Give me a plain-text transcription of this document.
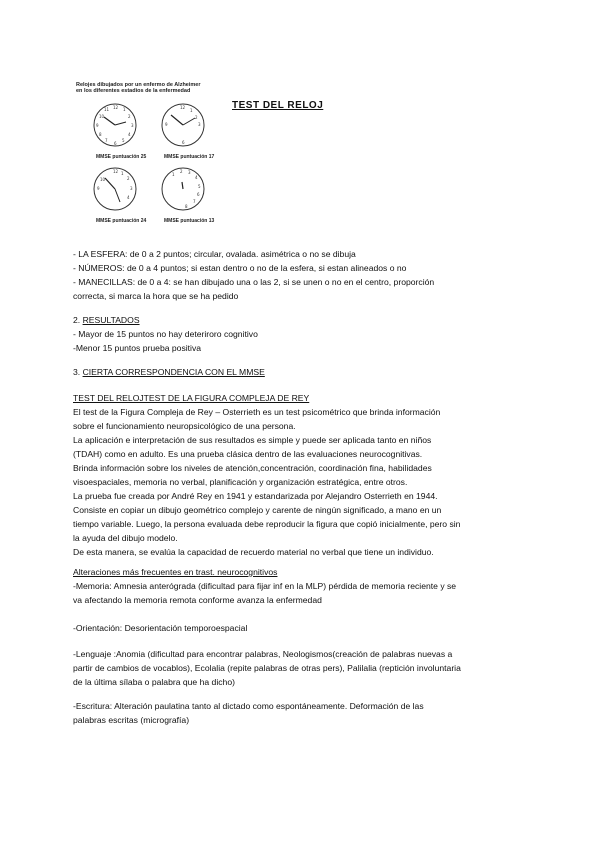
Relojes dibujados por un enfermo de Alzheimer
en los diferentes estadios de la enfermedad
12
3
6
9
1
2
4
5
7
8
10
11
MMSE puntuación 25
12
3
6
9
1
2
MMSE puntuación 17
12 1
2
3
4
9
10
MMSE puntuación 24
1
2 3
4
5
6
7
8
MMSE puntuación 13
TEST DEL RELOJ
- LA ESFERA: de 0 a 2 puntos; circular, ovalada. asimétrica o no se dibuja
- NÚMEROS: de 0 a 4 puntos; si estan dentro o no de la esfera, si estan alineados o no
- MANECILLAS: de 0 a 4: se han dibujado una o las 2, si se unen o no en el centro, proporción
correcta, si marca la hora que se ha pedido
2. RESULTADOS
- Mayor de 15 puntos no hay deteriroro cognitivo
-Menor 15 puntos prueba positiva
3. CIERTA CORRESPONDENCIA CON EL MMSE
TEST DEL RELOJTEST DE LA FIGURA COMPLEJA DE REY
El test de la Figura Compleja de Rey – Osterrieth es un test psicométrico que brinda información
sobre el funcionamiento neuropsicológico de una persona.
La aplicación e interpretación de sus resultados es simple y puede ser aplicada tanto en niños
(TDAH) como en adulto. Es una prueba clásica dentro de las evaluaciones neurocognitivas.
Brinda información sobre los niveles de atención,concentración, coordinación fina, habilidades
visoespaciales, memoria no verbal, planificación y organización estratégica, entre otros.
La prueba fue creada por André Rey en 1941 y estandarizada por Alejandro Osterrieth en 1944.
Consiste en copiar un dibujo geométrico complejo y carente de ningún significado, a mano en un
tiempo variable. Luego, la persona evaluada debe reproducir la figura que copió inicialmente, pero sin
la ayuda del dibujo modelo.
De esta manera, se evalúa la capacidad de recuerdo material no verbal que tiene un individuo.
Alteraciones más frecuentes en trast. neurocognitivos
-Memoria: Amnesia anterógrada (dificultad para fijar inf en la MLP) pérdida de memoria reciente y se
va afectando la memoria remota conforme avanza la enfermedad
-Orientación: Desorientación temporoespacial
-Lenguaje :Anomia (dificultad para encontrar palabras, Neologismos(creación de palabras nuevas a
partir de cambios de vocablos), Ecolalia (repite palabras de otras pers), Palilalia (reptición involuntaria
de la última sílaba o palabra que ha dicho)
-Escritura: Alteración paulatina tanto al dictado como espontáneamente. Deformación de las
palabras escritas (micrografía)
